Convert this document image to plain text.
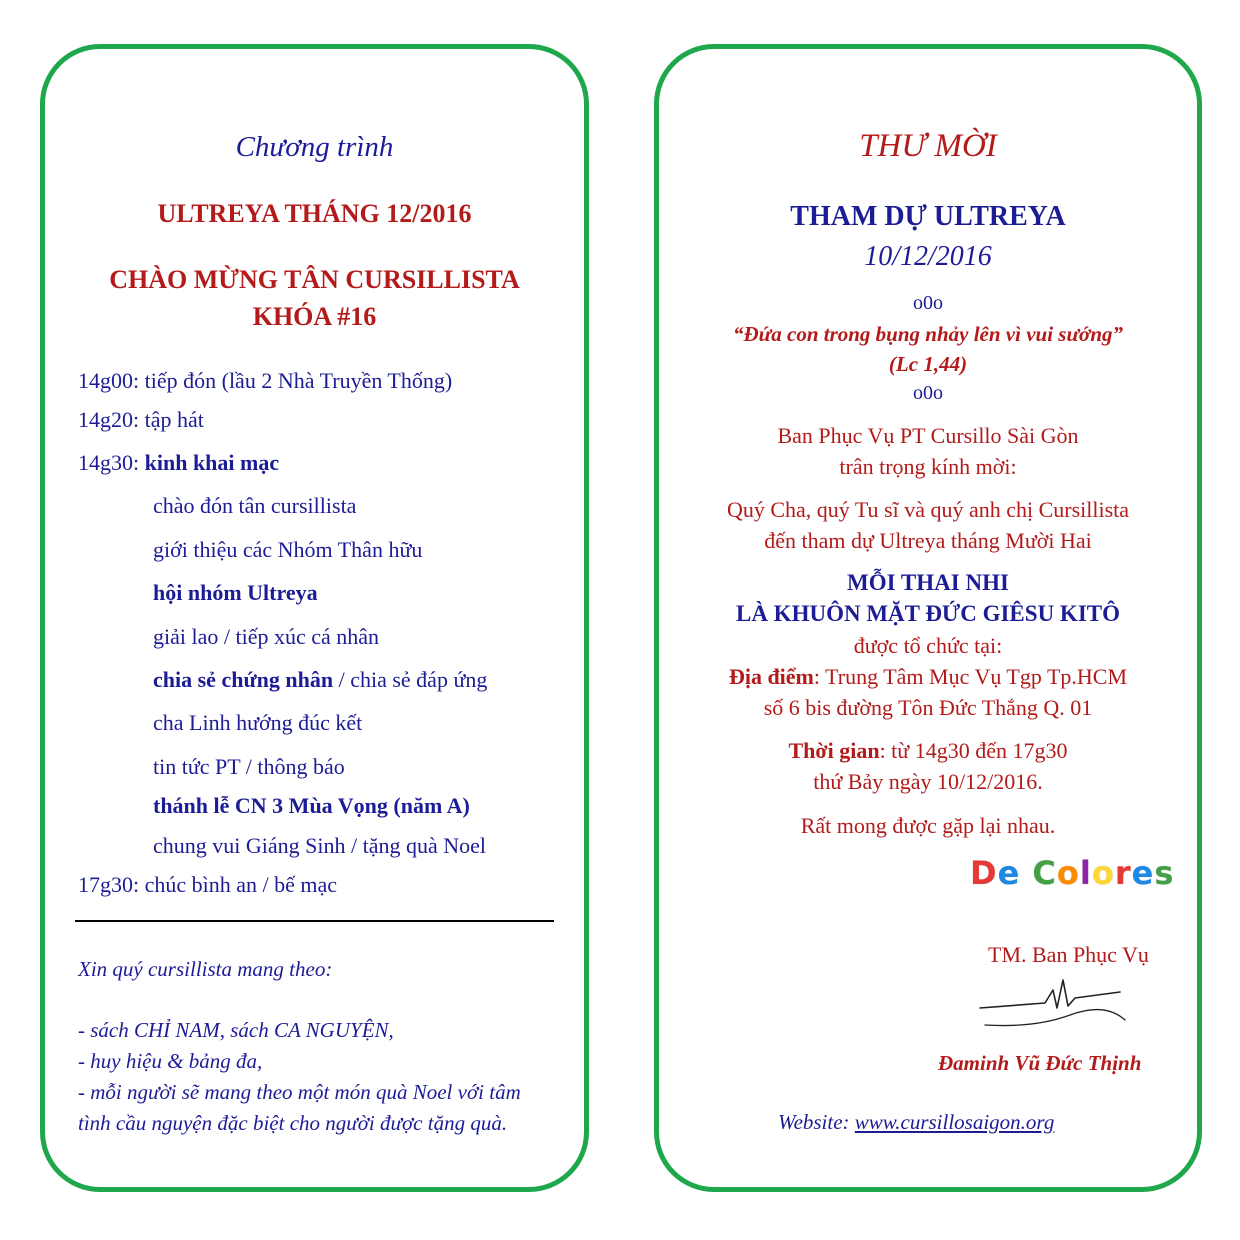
Chương trình
ULTREYA THÁNG 12/2016
CHÀO MỪNG TÂN CURSILLISTA
KHÓA #16
14g00: tiếp đón (lầu 2 Nhà Truyền Thống)
14g20: tập hát
14g30: kinh khai mạc
chào đón tân cursillista
giới thiệu các Nhóm Thân hữu
hội nhóm Ultreya
giải lao / tiếp xúc cá nhân
chia sẻ chứng nhân / chia sẻ đáp ứng
cha Linh hướng đúc kết
tin tức PT / thông báo
thánh lễ CN 3 Mùa Vọng (năm A)
chung vui Giáng Sinh / tặng quà Noel
17g30: chúc bình an / bế mạc
Xin quý cursillista mang theo:
- sách CHỈ NAM, sách CA NGUYỆN,
- huy hiệu & bảng đa,
- mỗi người sẽ mang theo một món quà Noel với tâm
tình cầu nguyện đặc biệt cho người được tặng quà.
THƯ MỜI
THAM DỰ ULTREYA
10/12/2016
o0o
“Đứa con trong bụng nhảy lên vì vui sướng”
(Lc 1,44)
o0o
Ban Phục Vụ PT Cursillo Sài Gòn
trân trọng kính mời:
Quý Cha, quý Tu sĩ và quý anh chị Cursillista
đến tham dự Ultreya tháng Mười Hai
MỖI THAI NHI
LÀ KHUÔN MẶT ĐỨC GIÊSU KITÔ
được tổ chức tại:
Địa điểm: Trung Tâm Mục Vụ Tgp Tp.HCM
số 6 bis đường Tôn Đức Thắng Q. 01
Thời gian: từ 14g30 đến 17g30
thứ Bảy ngày 10/12/2016.
Rất mong được gặp lại nhau.
De Colores
TM. Ban Phục Vụ
Đaminh Vũ Đức Thịnh
Website: www.cursillosaigon.org
